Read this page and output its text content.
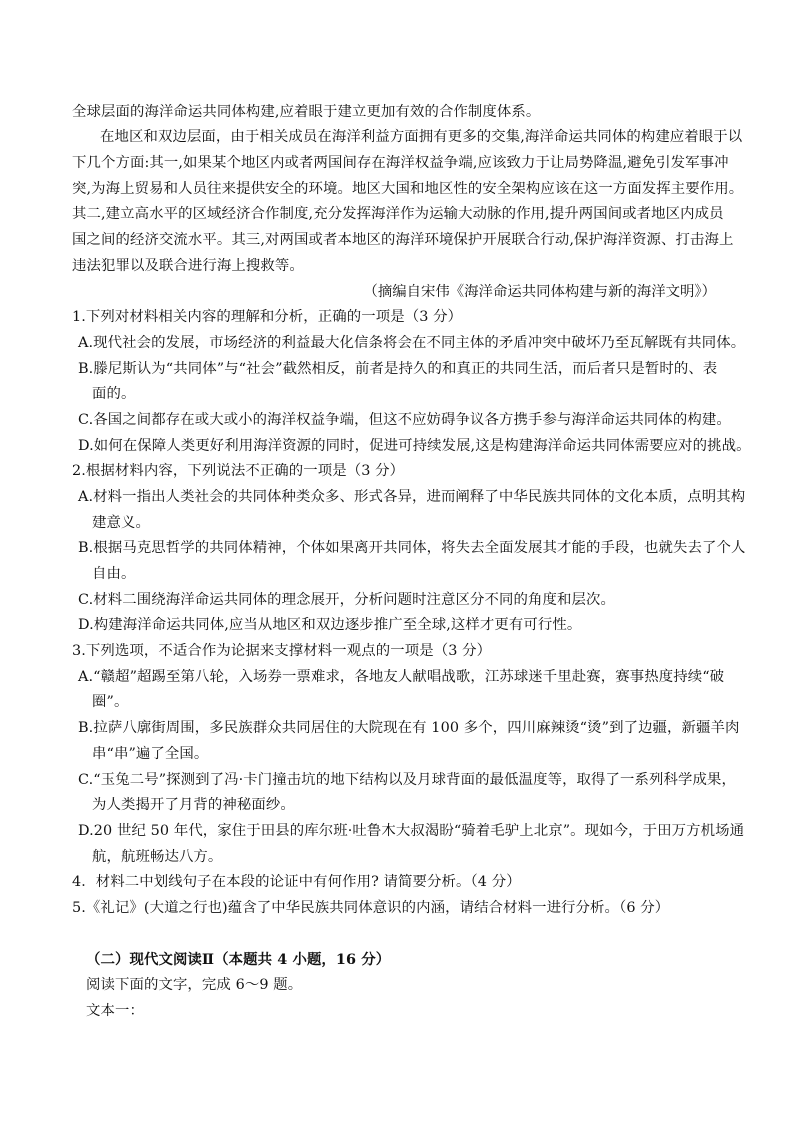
全球层面的海洋命运共同体构建,应着眼于建立更加有效的合作制度体系。
在地区和双边层面，由于相关成员在海洋利益方面拥有更多的交集,海洋命运共同体的构建应着眼于以
下几个方面:其一,如果某个地区内或者两国间存在海洋权益争端,应该致力于让局势降温,避免引发军事冲
突,为海上贸易和人员往来提供安全的环境。地区大国和地区性的安全架构应该在这一方面发挥主要作用。
其二,建立高水平的区域经济合作制度,充分发挥海洋作为运输大动脉的作用,提升两国间或者地区内成员
国之间的经济交流水平。其三,对两国或者本地区的海洋环境保护开展联合行动,保护海洋资源、打击海上
违法犯罪以及联合进行海上搜救等。
（摘编自宋伟《海洋命运共同体构建与新的海洋文明》）
1.下列对材料相关内容的理解和分析，正确的一项是（3 分）
A.现代社会的发展，市场经济的利益最大化信条将会在不同主体的矛盾冲突中破坏乃至瓦解既有共同体。
B.滕尼斯认为“共同体”与“社会”截然相反，前者是持久的和真正的共同生活，而后者只是暂时的、表
面的。
C.各国之间都存在或大或小的海洋权益争端，但这不应妨碍争议各方携手参与海洋命运共同体的构建。
D.如何在保障人类更好利用海洋资源的同时，促进可持续发展,这是构建海洋命运共同体需要应对的挑战。
2.根据材料内容，下列说法不正确的一项是（3 分）
A.材料一指出人类社会的共同体种类众多、形式各异，进而阐释了中华民族共同体的文化本质，点明其构
建意义。
B.根据马克思哲学的共同体精神，个体如果离开共同体，将失去全面发展其才能的手段，也就失去了个人
自由。
C.材料二围绕海洋命运共同体的理念展开，分析问题时注意区分不同的角度和层次。
D.构建海洋命运共同体,应当从地区和双边逐步推广至全球,这样才更有可行性。
3.下列选项，不适合作为论据来支撑材料一观点的一项是（3 分）
A.“赣超”超踢至第八轮，入场券一票难求，各地友人献唱战歌，江苏球迷千里赴赛，赛事热度持续“破
圈”。
B.拉萨八廓街周围，多民族群众共同居住的大院现在有 100 多个，四川麻辣烫“烫”到了边疆，新疆羊肉
串“串”遍了全国。
C.“玉兔二号”探测到了冯·卡门撞击坑的地下结构以及月球背面的最低温度等，取得了一系列科学成果，
为人类揭开了月背的神秘面纱。
D.20 世纪 50 年代，家住于田县的库尔班·吐鲁木大叔渴盼“骑着毛驴上北京”。现如今，于田万方机场通
航，航班畅达八方。
4．材料二中划线句子在本段的论证中有何作用? 请简要分析。（4 分）
5.《礼记》(大道之行也)蕴含了中华民族共同体意识的内涵，请结合材料一进行分析。（6 分）
（二）现代文阅读Ⅱ（本题共 4 小题，16 分）
阅读下面的文字，完成 6～9 题。
文本一：
